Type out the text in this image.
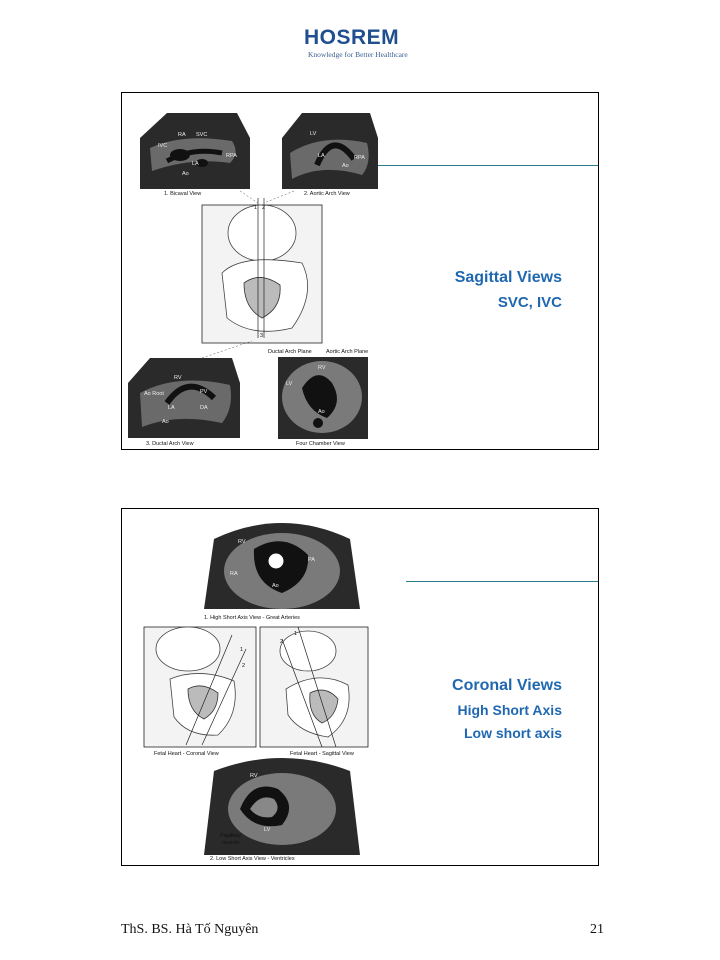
HOSREM
Knowledge for Better Healthcare
RA SVC
IVC
RPA
LA
Ao
LV
LA	RPA
Ao
RV
Ao Root	PV
LA	DA
Ao
LV
RV
Ao
1 2
3
1. Bicaval View	2. Aortic Arch View
Ductal Arch Plane	Aortic Arch Plane
3. Ductal Arch View	Four Chamber View
Sagittal Views
SVC, IVC
RV
PA
RA
Ao
1
2
1
2
RV
LV
Papillary
muscle
1. High Short Axis View - Great Arteries
Fetal Heart - Coronal View	Fetal Heart - Sagittal View
2. Low Short Axis View - Ventricles
Coronal Views
High Short Axis
Low short axis
ThS. BS. Hà Tố Nguyên	21
